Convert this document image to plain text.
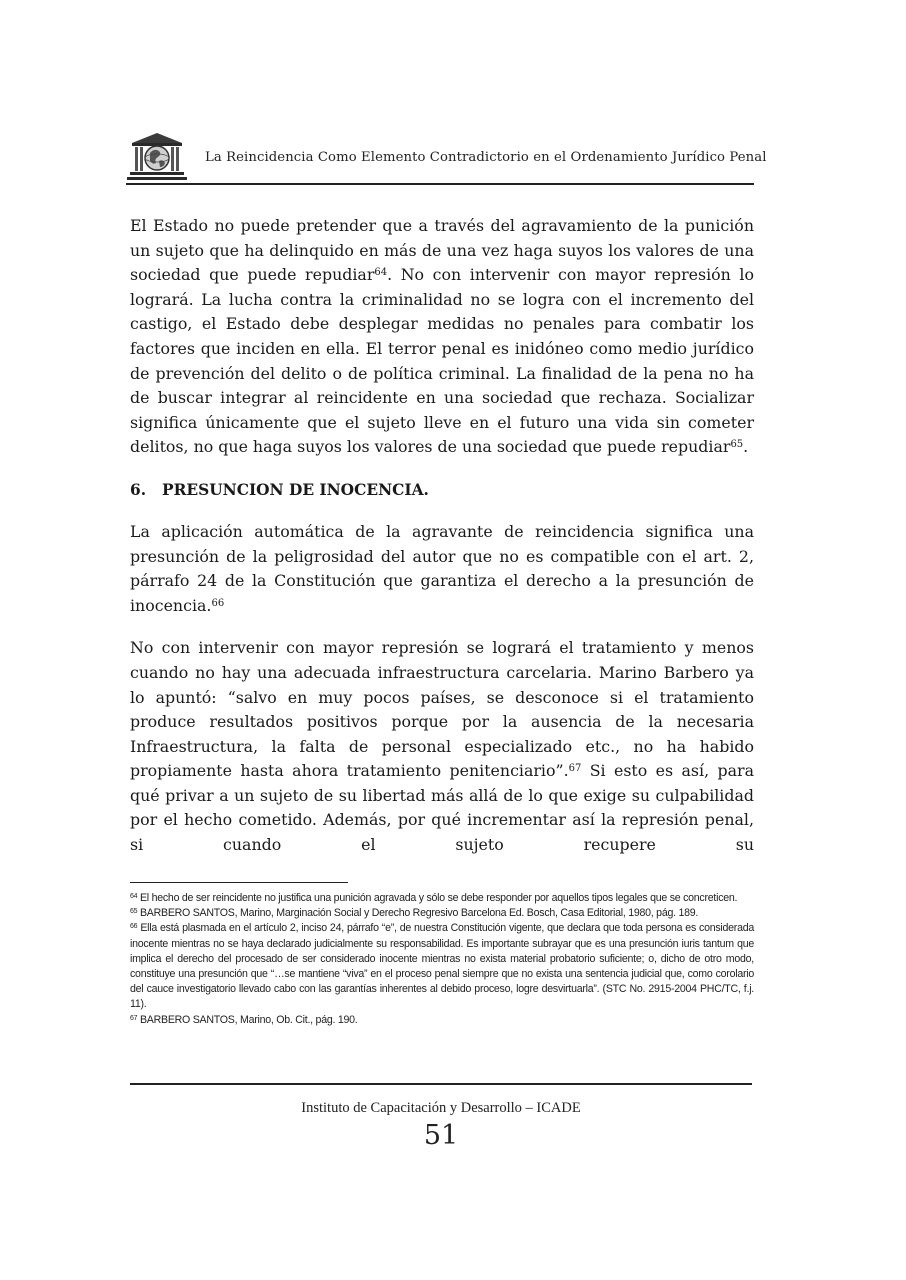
La Reincidencia Como Elemento Contradictorio en el Ordenamiento Jurídico Penal

El Estado no puede pretender que a través del agravamiento de la punición un sujeto que ha delinquido en más de una vez haga suyos los valores de una sociedad que puede repudiar$^{64}$. No con intervenir con mayor represión lo logrará. La lucha contra la criminalidad no se logra con el incremento del castigo, el Estado debe desplegar medidas no penales para combatir los factores que inciden en ella. El terror penal es inidóneo como medio jurídico de prevención del delito o de política criminal. La finalidad de la pena no ha de buscar integrar al reincidente en una sociedad que rechaza. Socializar significa únicamente que el sujeto lleve en el futuro una vida sin cometer delitos, no que haga suyos los valores de una sociedad que puede repudiar$^{65}$.

6. PRESUNCION DE INOCENCIA.

La aplicación automática de la agravante de reincidencia significa una presunción de la peligrosidad del autor que no es compatible con el art. 2, párrafo 24 de la Constitución que garantiza el derecho a la presunción de inocencia.$^{66}$

No con intervenir con mayor represión se logrará el tratamiento y menos cuando no hay una adecuada infraestructura carcelaria. Marino Barbero ya lo apuntó: “salvo en muy pocos países, se desconoce si el tratamiento produce resultados positivos porque por la ausencia de la necesaria Infraestructura, la falta de personal especializado etc., no ha habido propiamente hasta ahora tratamiento penitenciario”.$^{67}$ Si esto es así, para qué privar a un sujeto de su libertad más allá de lo que exige su culpabilidad por el hecho cometido. Además, por qué incrementar así la represión penal, si cuando el sujeto recupere su

$^{64}$ El hecho de ser reincidente no justifica una punición agravada y sólo se debe responder por aquellos tipos legales que se concreticen.

$^{65}$ BARBERO SANTOS, Marino, Marginación Social y Derecho Regresivo Barcelona Ed. Bosch, Casa Editorial, 1980, pág. 189.

$^{66}$ Ella está plasmada en el artículo 2, inciso 24, párrafo “e”, de nuestra Constitución vigente, que declara que toda persona es considerada inocente mientras no se haya declarado judicialmente su responsabilidad. Es importante subrayar que es una presunción iuris tantum que implica el derecho del procesado de ser considerado inocente mientras no exista material probatorio suficiente; o, dicho de otro modo, constituye una presunción que “…se mantiene “viva” en el proceso penal siempre que no exista una sentencia judicial que, como corolario del cauce investigatorio llevado cabo con las garantías inherentes al debido proceso, logre desvirtuarla”. (STC No. 2915-2004 PHC/TC, f.j. 11).

$^{67}$ BARBERO SANTOS, Marino, Ob. Cit., pág. 190.

Instituto de Capacitación y Desarrollo – ICADE
51
